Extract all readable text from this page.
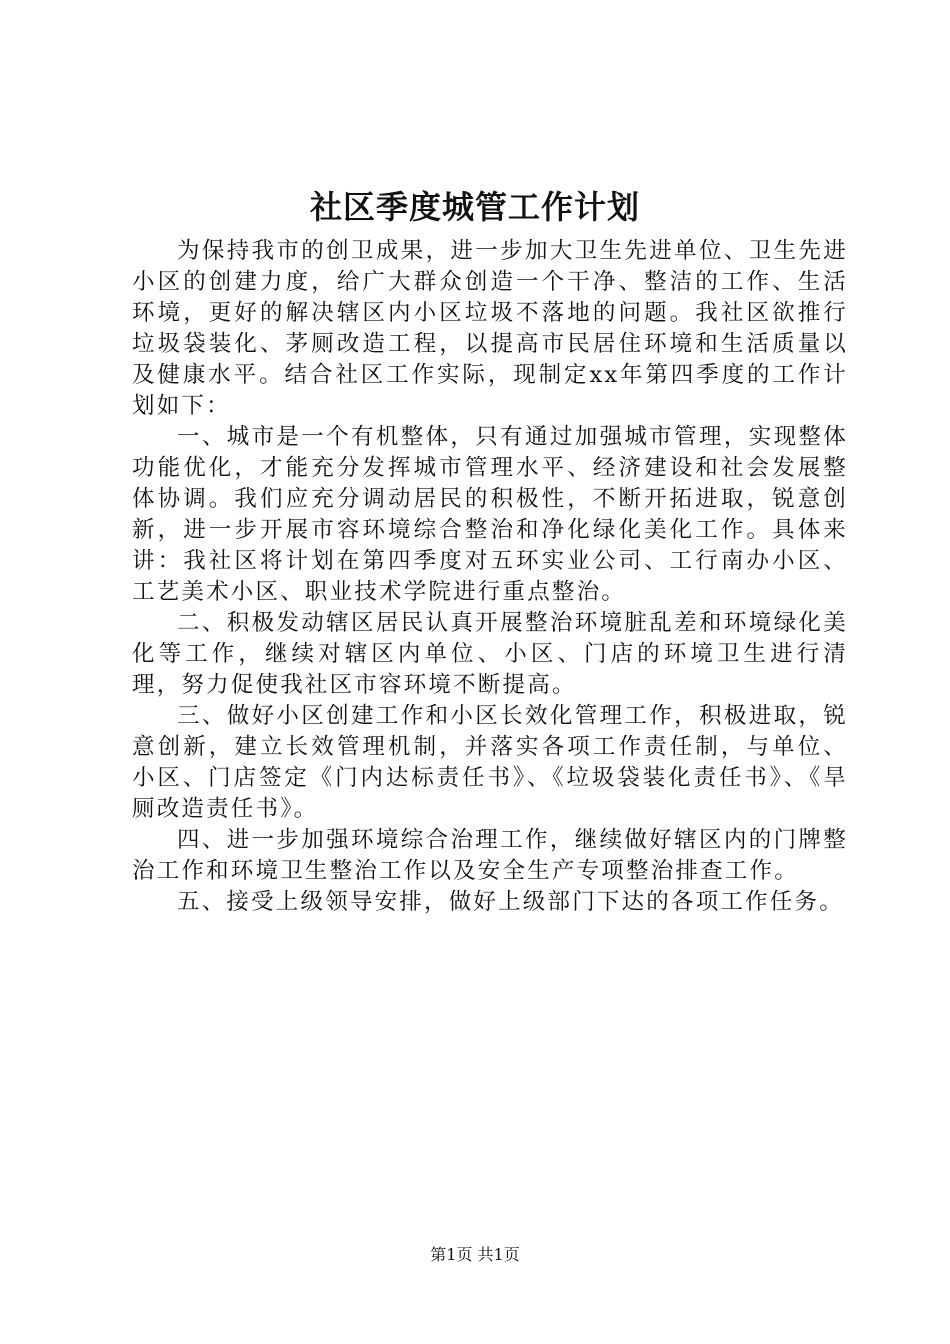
社区季度城管工作计划

为保持我市的创卫成果，进一步加大卫生先进单位、卫生先进小区的创建力度，给广大群众创造一个干净、整洁的工作、生活环境，更好的解决辖区内小区垃圾不落地的问题。我社区欲推行垃圾袋装化、茅厕改造工程，以提高市民居住环境和生活质量以及健康水平。结合社区工作实际，现制定xx年第四季度的工作计划如下：

一、城市是一个有机整体，只有通过加强城市管理，实现整体功能优化，才能充分发挥城市管理水平、经济建设和社会发展整体协调。我们应充分调动居民的积极性，不断开拓进取，锐意创新，进一步开展市容环境综合整治和净化绿化美化工作。具体来讲：我社区将计划在第四季度对五环实业公司、工行南办小区、工艺美术小区、职业技术学院进行重点整治。

二、积极发动辖区居民认真开展整治环境脏乱差和环境绿化美化等工作，继续对辖区内单位、小区、门店的环境卫生进行清理，努力促使我社区市容环境不断提高。

三、做好小区创建工作和小区长效化管理工作，积极进取，锐意创新，建立长效管理机制，并落实各项工作责任制，与单位、小区、门店签定《门内达标责任书》、《垃圾袋装化责任书》、《旱厕改造责任书》。

四、进一步加强环境综合治理工作，继续做好辖区内的门牌整治工作和环境卫生整治工作以及安全生产专项整治排查工作。

五、接受上级领导安排，做好上级部门下达的各项工作任务。

第1页 共1页
